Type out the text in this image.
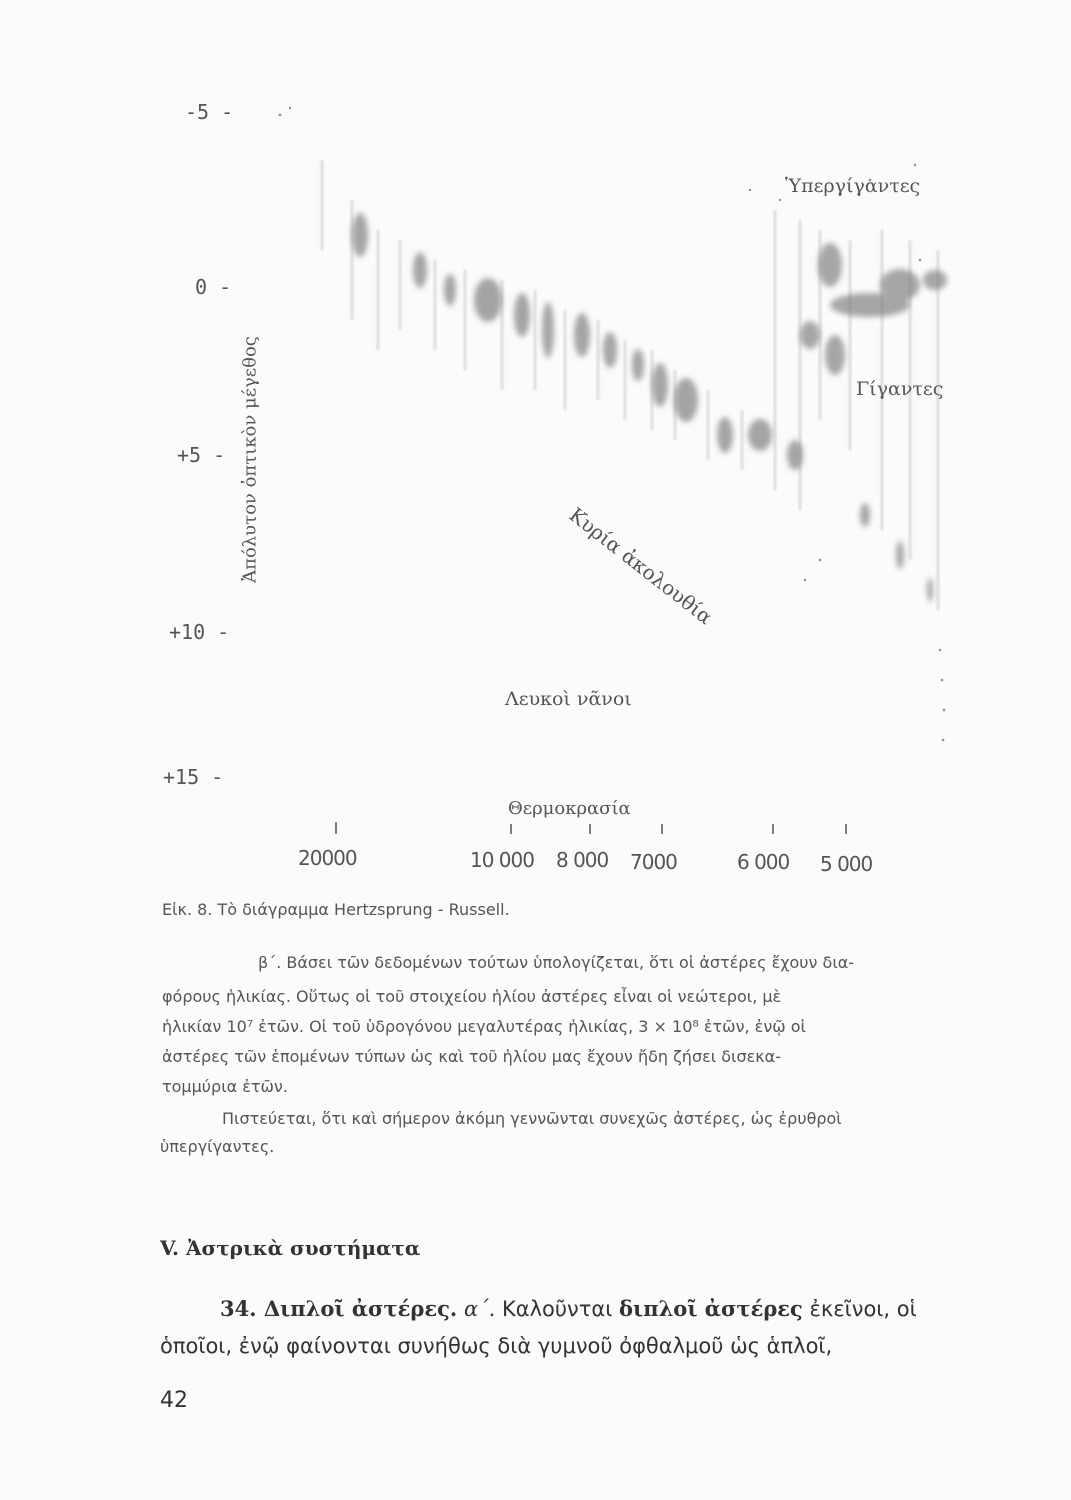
-5 -
0 -
+5 -
+10 -
+15 -
Ἀπόλυτον ὀπτικὸν μέγεθος
Ὑπεργίγαντες
Γίγαντες
Κυρία ἀκολουθία
Λευκοὶ νᾶνοι
Θερμοκρασία
20000	10 000 8 000 7000	6 000 5 000
Εἰκ. 8. Τὸ διάγραμμα Hertzsprung - Russell.
β΄. Βάσει τῶν δεδομένων τούτων ὑπολογίζεται, ὅτι οἱ ἀστέρες ἔχουν δια-
φόρους ἡλικίας. Οὕτως οἱ τοῦ στοιχείου ἡλίου ἀστέρες εἶναι οἱ νεώτεροι, μὲ
ἡλικίαν 10⁷ ἐτῶν. Οἱ τοῦ ὑδρογόνου μεγαλυτέρας ἡλικίας, 3 × 10⁸ ἐτῶν, ἐνῷ οἱ
ἀστέρες τῶν ἑπομένων τύπων ὡς καὶ τοῦ ἡλίου μας ἔχουν ἤδη ζήσει δισεκα-
τομμύρια ἐτῶν.
Πιστεύεται, ὅτι καὶ σήμερον ἀκόμη γεννῶνται συνεχῶς ἀστέρες, ὡς ἐρυθροὶ
ὑπεργίγαντες.
V. Ἀστρικὰ συστήματα
34. Διπλοῖ ἀστέρες. α΄. Καλοῦνται διπλοῖ ἀστέρες ἐκεῖνοι, οἱ
ὁποῖοι, ἐνῷ φαίνονται συνήθως διὰ γυμνοῦ ὀφθαλμοῦ ὡς ἁπλοῖ,
42
